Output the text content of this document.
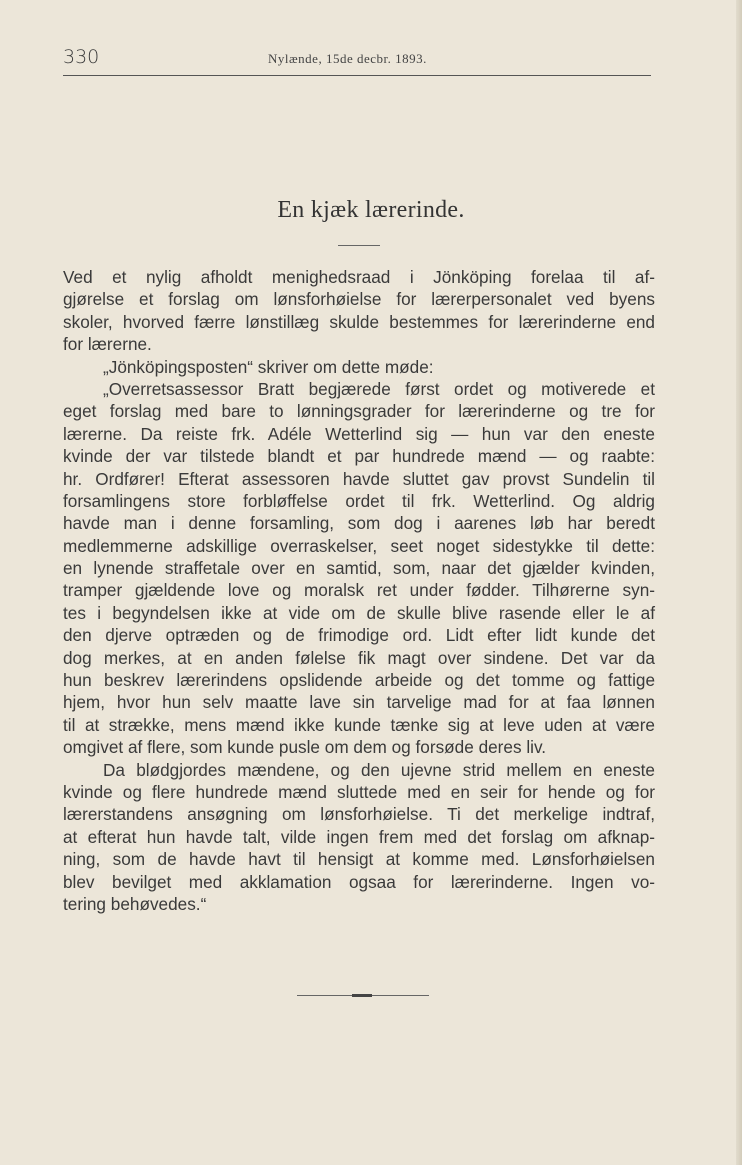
330	Nylænde, 15de decbr. 1893.
En kjæk lærerinde.
Ved et nylig afholdt menighedsraad i Jönköping forelaa til af-
gjørelse et forslag om lønsforhøielse for lærerpersonalet ved byens
skoler, hvorved færre lønstillæg skulde bestemmes for lærerinderne end
for lærerne.
„Jönköpingsposten“ skriver om dette møde:
„Overretsassessor Bratt begjærede først ordet og motiverede et
eget forslag med bare to lønningsgrader for lærerinderne og tre for
lærerne. Da reiste frk. Adéle Wetterlind sig — hun var den eneste
kvinde der var tilstede blandt et par hundrede mænd — og raabte:
hr. Ordfører! Efterat assessoren havde sluttet gav provst Sundelin til
forsamlingens store forbløffelse ordet til frk. Wetterlind. Og aldrig
havde man i denne forsamling, som dog i aarenes løb har beredt
medlemmerne adskillige overraskelser, seet noget sidestykke til dette:
en lynende straffetale over en samtid, som, naar det gjælder kvinden,
tramper gjældende love og moralsk ret under fødder. Tilhørerne syn-
tes i begyndelsen ikke at vide om de skulle blive rasende eller le af
den djerve optræden og de frimodige ord. Lidt efter lidt kunde det
dog merkes, at en anden følelse fik magt over sindene. Det var da
hun beskrev lærerindens opslidende arbeide og det tomme og fattige
hjem, hvor hun selv maatte lave sin tarvelige mad for at faa lønnen
til at strække, mens mænd ikke kunde tænke sig at leve uden at være
omgivet af flere, som kunde pusle om dem og forsøde deres liv.
Da blødgjordes mændene, og den ujevne strid mellem en eneste
kvinde og flere hundrede mænd sluttede med en seir for hende og for
lærerstandens ansøgning om lønsforhøielse. Ti det merkelige indtraf,
at efterat hun havde talt, vilde ingen frem med det forslag om afknap-
ning, som de havde havt til hensigt at komme med. Lønsforhøielsen
blev bevilget med akklamation ogsaa for lærerinderne. Ingen vo-
tering behøvedes.“
